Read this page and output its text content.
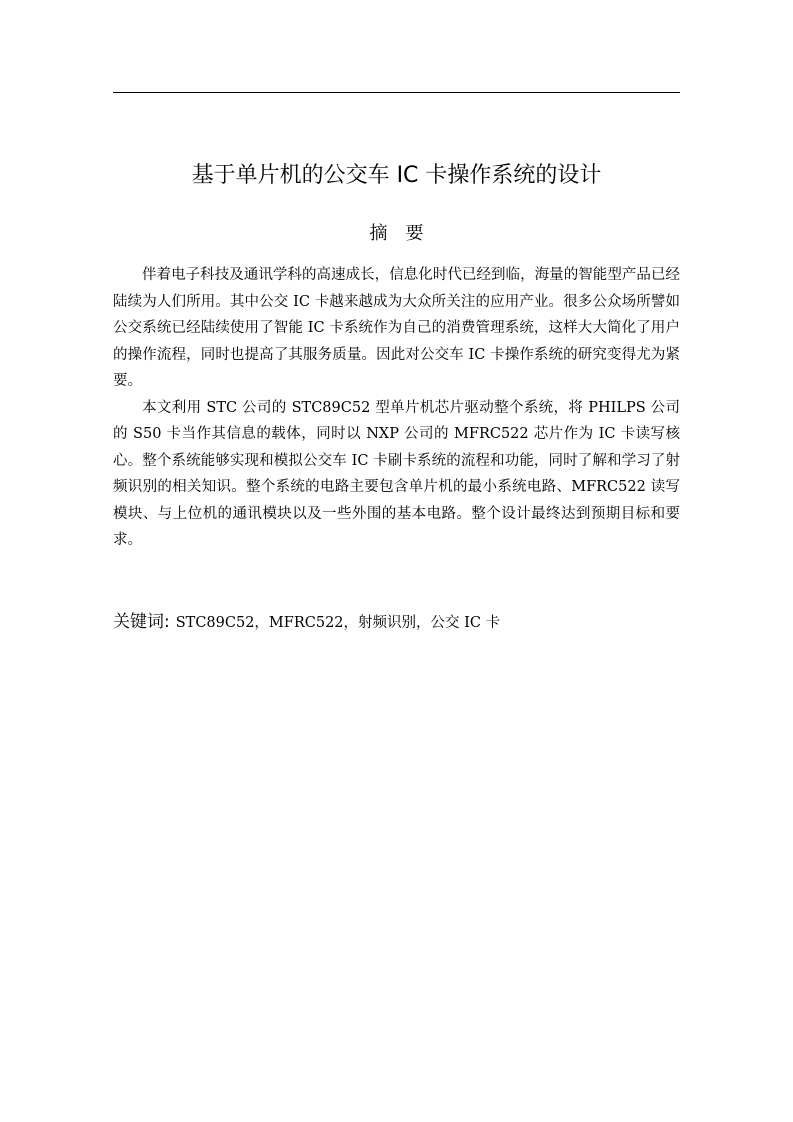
基于单片机的公交车 IC 卡操作系统的设计
摘要

伴着电子科技及通讯学科的高速成长，信息化时代已经到临，海量的智能型产品已经陆续为人们所用。其中公交 IC 卡越来越成为大众所关注的应用产业。很多公众场所譬如公交系统已经陆续使用了智能 IC 卡系统作为自己的消费管理系统，这样大大简化了用户的操作流程，同时也提高了其服务质量。因此对公交车 IC 卡操作系统的研究变得尤为紧要。

本文利用 STC 公司的 STC89C52 型单片机芯片驱动整个系统，将 PHILPS 公司的 S50 卡当作其信息的载体，同时以 NXP 公司的 MFRC522 芯片作为 IC 卡读写核心。整个系统能够实现和模拟公交车 IC 卡刷卡系统的流程和功能，同时了解和学习了射频识别的相关知识。整个系统的电路主要包含单片机的最小系统电路、MFRC522 读写模块、与上位机的通讯模块以及一些外围的基本电路。整个设计最终达到预期目标和要求。

关键词: STC89C52，MFRC522，射频识别，公交 IC 卡
